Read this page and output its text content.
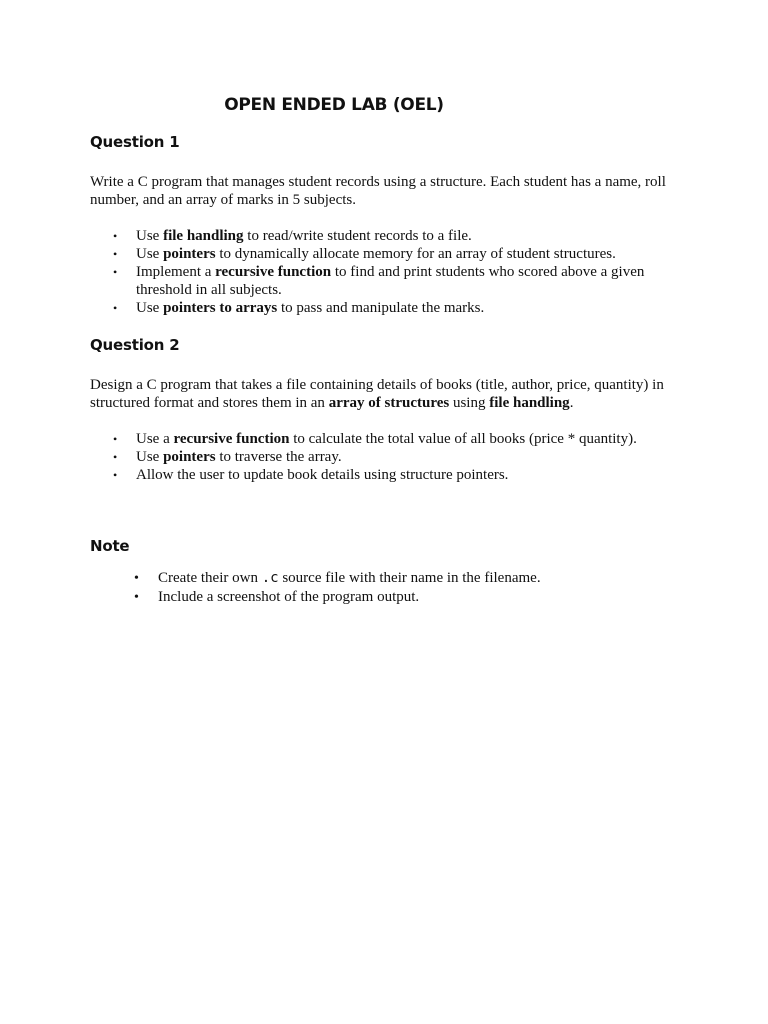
OPEN ENDED LAB (OEL)
Question 1

Write a C program that manages student records using a structure. Each student has a name, roll number, and an array of marks in 5 subjects.

• Use file handling to read/write student records to a file.
• Use pointers to dynamically allocate memory for an array of student structures.
• Implement a recursive function to find and print students who scored above a given threshold in all subjects.
• Use pointers to arrays to pass and manipulate the marks.
Question 2

Design a C program that takes a file containing details of books (title, author, price, quantity) in structured format and stores them in an array of structures using file handling.

• Use a recursive function to calculate the total value of all books (price * quantity).
• Use pointers to traverse the array.
• Allow the user to update book details using structure pointers.
Note
• Create their own .c source file with their name in the filename.
• Include a screenshot of the program output.
